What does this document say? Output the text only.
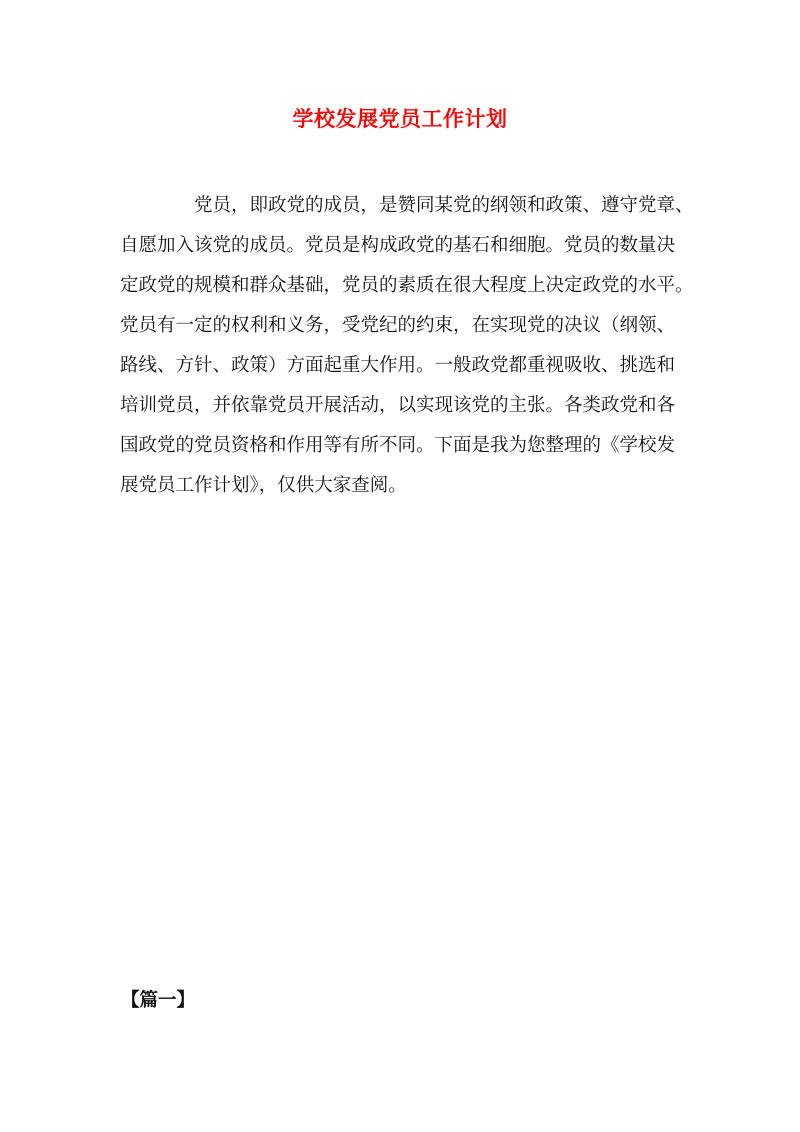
学校发展党员工作计划
党员，即政党的成员，是赞同某党的纲领和政策、遵守党章、
自愿加入该党的成员。党员是构成政党的基石和细胞。党员的数量决
定政党的规模和群众基础，党员的素质在很大程度上决定政党的水平。
党员有一定的权利和义务，受党纪的约束，在实现党的决议（纲领、
路线、方针、政策）方面起重大作用。一般政党都重视吸收、挑选和
培训党员，并依靠党员开展活动，以实现该党的主张。各类政党和各
国政党的党员资格和作用等有所不同。下面是我为您整理的《学校发
展党员工作计划》，仅供大家查阅。
【篇一】
